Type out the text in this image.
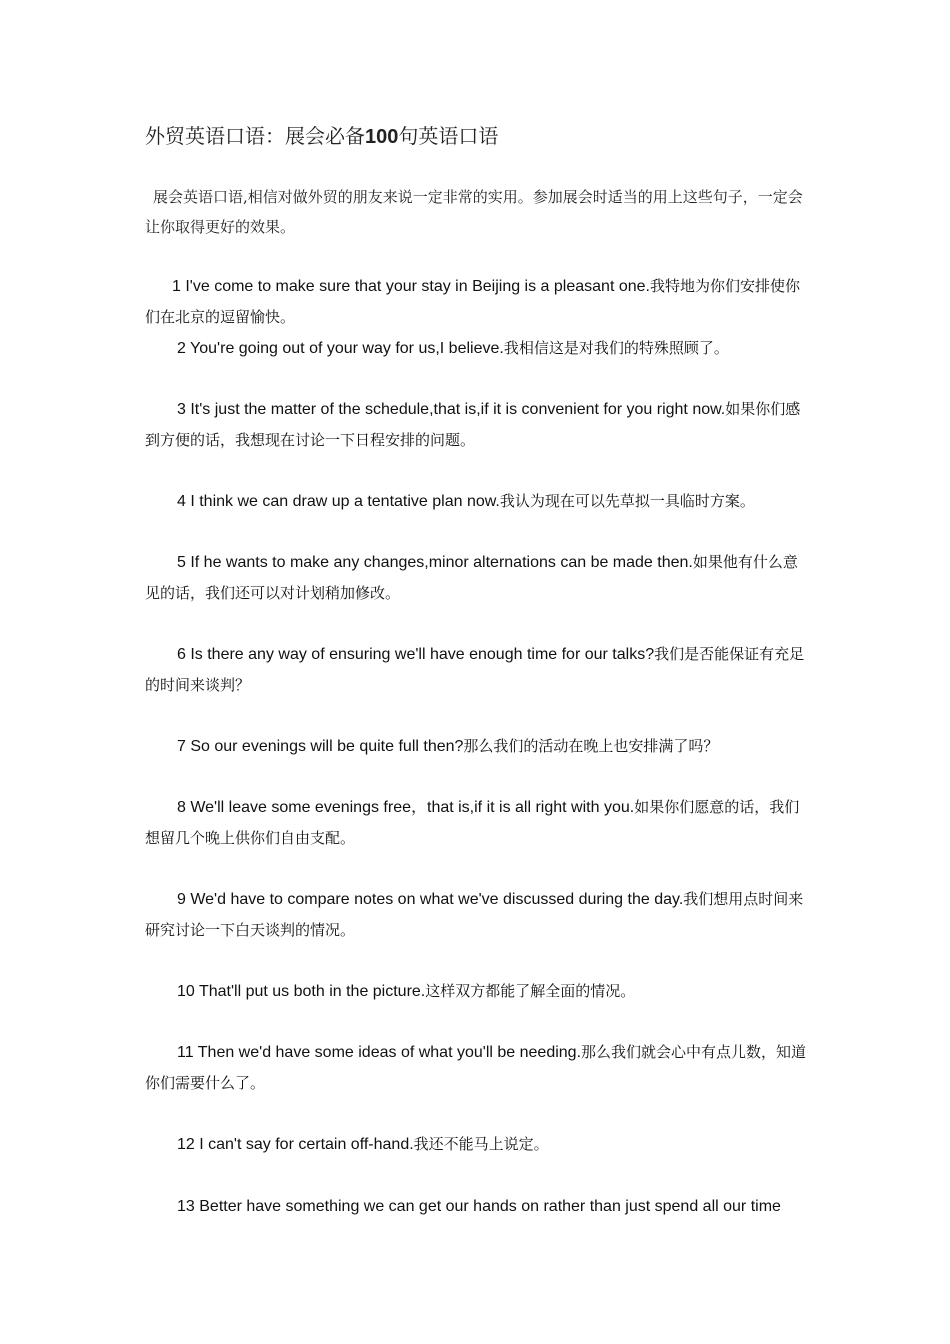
外贸英语口语：展会必备100句英语口语
展会英语口语,相信对做外贸的朋友来说一定非常的实用。参加展会时适当的用上这些句子，一定会让你取得更好的效果。
1 I've come to make sure that your stay in Beijing is a pleasant one.我特地为你们安排使你们在北京的逗留愉快。
2 You're going out of your way for us,I believe.我相信这是对我们的特殊照顾了。
3 It's just the matter of the schedule,that is,if it is convenient for you right now.如果你们感到方便的话，我想现在讨论一下日程安排的问题。
4 I think we can draw up a tentative plan now.我认为现在可以先草拟一具临时方案。
5 If he wants to make any changes,minor alternations can be made then.如果他有什么意见的话，我们还可以对计划稍加修改。
6 Is there any way of ensuring we'll have enough time for our talks?我们是否能保证有充足的时间来谈判？
7 So our evenings will be quite full then?那么我们的活动在晚上也安排满了吗？
8 We'll leave some evenings free，that is,if it is all right with you.如果你们愿意的话，我们想留几个晚上供你们自由支配。
9 We'd have to compare notes on what we've discussed during the day.我们想用点时间来研究讨论一下白天谈判的情况。
10 That'll put us both in the picture.这样双方都能了解全面的情况。
11 Then we'd have some ideas of what you'll be needing.那么我们就会心中有点儿数，知道你们需要什么了。
12 I can't say for certain off-hand.我还不能马上说定。
13 Better have something we can get our hands on rather than just spend all our time
